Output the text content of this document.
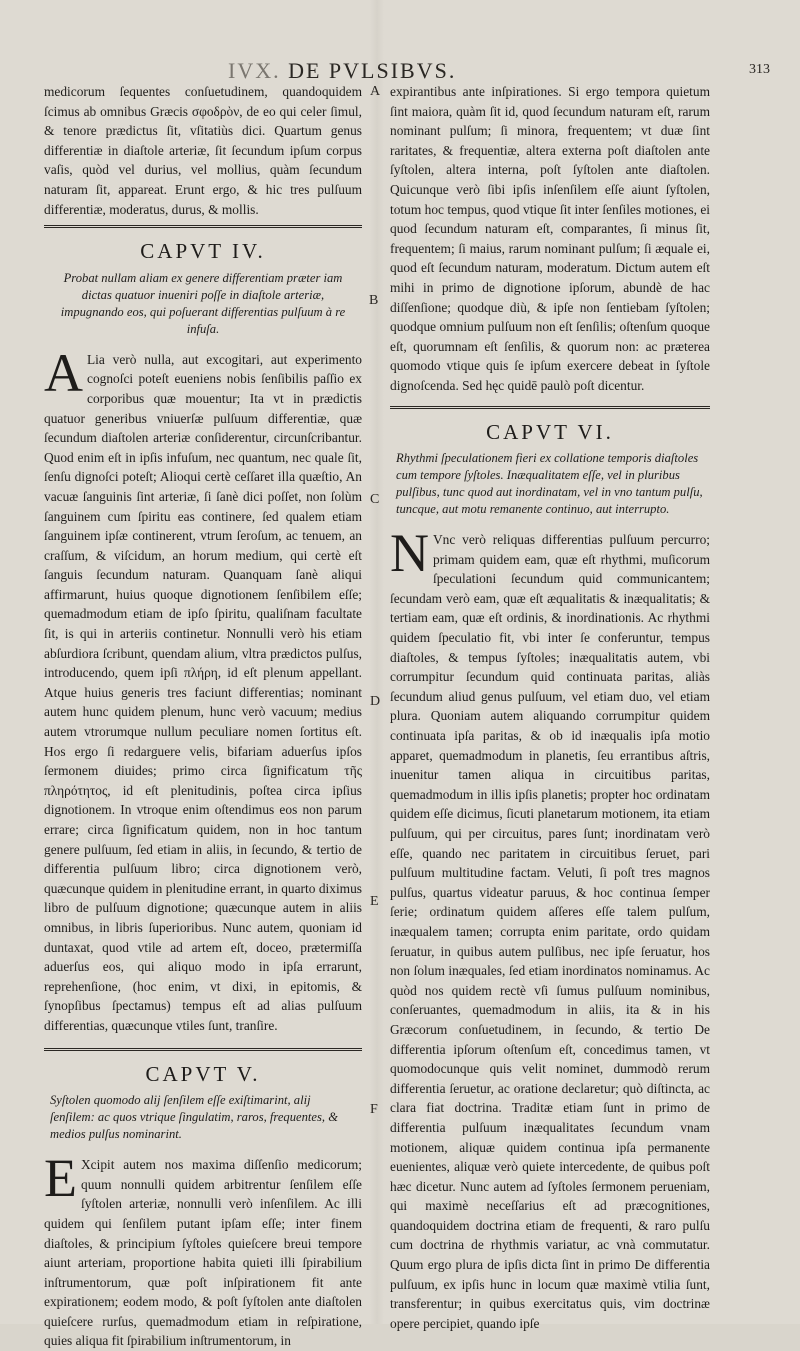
IVX. DE PVLSIBVS.	313
A
B
C
D
E
F

medicorum ſequentes conſuetudinem, quandoquidem ſcimus ab omnibus Græcis σφοδρὸν, de eo qui celer ſimul, & tenore prædictus ſit, vſitatiùs dici. Quartum genus differentiæ in diaſtole arteriæ, ſit ſecundum ipſum corpus vaſis, quòd vel durius, vel mollius, quàm ſecundum naturam ſit, appareat. Erunt ergo, & hic tres pulſuum differentiæ, moderatus, durus, & mollis.

CAPVT IV.
Probat nullam aliam ex genere differentiam præter iam dictas quatuor inueniri poſſe in diaſtole arteriæ, impugnando eos, qui poſuerant differentias pulſuum à re infuſa.

A Lia verò nulla, aut excogitari, aut experimento cognoſci poteſt eueniens nobis ſenſibilis paſſio ex corporibus quæ mouentur; Ita vt in prædictis quatuor generibus vniuerſæ pulſuum differentiæ, quæ ſecundum diaſtolen arteriæ conſiderentur, circunſcribantur. Quod enim eſt in ipſis infuſum, nec quantum, nec quale ſit, ſenſu dignoſci poteſt; Alioqui certè ceſſaret illa quæſtio, An vacuæ ſanguinis ſint arteriæ, ſi ſanè dici poſſet, non ſolùm ſanguinem cum ſpiritu eas continere, ſed qualem etiam ſanguinem ipſæ continerent, vtrum ſeroſum, ac tenuem, an craſſum, & viſcidum, an horum medium, qui certè eſt ſanguis ſecundum naturam. Quanquam ſanè aliqui affirmarunt, huius quoque dignotionem ſenſibilem eſſe; quemadmodum etiam de ipſo ſpiritu, qualiſnam facultate ſit, is qui in arteriis continetur. Nonnulli verò his etiam abſurdiora ſcribunt, quendam alium, vltra prædictos pulſus, introducendo, quem ipſi πλήρη, id eſt plenum appellant. Atque huius generis tres faciunt differentias; nominant autem hunc quidem plenum, hunc verò vacuum; medius autem vtrorumque nullum peculiare nomen ſortitus eſt. Hos ergo ſi redarguere velis, bifariam aduerſus ipſos ſermonem diuides; primo circa ſignificatum τῆς πληρότητος, id eſt plenitudinis, poſtea circa ipſius dignotionem. In vtroque enim oſtendimus eos non parum errare; circa ſignificatum quidem, non in hoc tantum genere pulſuum, ſed etiam in aliis, in ſecundo, & tertio de differentia pulſuum libro; circa dignotionem verò, quæcunque quidem in plenitudine errant, in quarto diximus libro de pulſuum dignotione; quæcunque autem in aliis omnibus, in libris ſuperioribus. Nunc autem, quoniam id duntaxat, quod vtile ad artem eſt, doceo, prætermiſſa aduerſus eos, qui aliquo modo in ipſa errarunt, reprehenſione, (hoc enim, vt dixi, in epitomis, & ſynopſibus ſpectamus) tempus eſt ad alias pulſuum differentias, quæcunque vtiles ſunt, tranſire.

CAPVT V.
Syſtolen quomodo alij ſenſilem eſſe exiſtimarint, alij ſenſilem: ac quos vtrique ſingulatim, raros, frequentes, & medios pulſus nominarint.

E Xcipit autem nos maxima diſſenſio medicorum; quum nonnulli quidem arbitrentur ſenſilem eſſe ſyſtolen arteriæ, nonnulli verò inſenſilem. Ac illi quidem qui ſenſilem putant ipſam eſſe; inter finem diaſtoles, & principium ſyſtoles quieſcere breui tempore aiunt arteriam, proportione habita quieti illi ſpirabilium inſtrumentorum, quæ poſt inſpirationem fit ante expirationem; eodem modo, & poſt ſyſtolen ante diaſtolen quieſcere rurſus, quemadmodum etiam in reſpiratione, quies aliqua fit ſpirabilium inſtrumentorum, in

expirantibus ante inſpirationes. Si ergo tempora quietum ſint maiora, quàm ſit id, quod ſecundum naturam eſt, rarum nominant pulſum; ſi minora, frequentem; vt duæ ſint raritates, & frequentiæ, altera externa poſt diaſtolen ante ſyſtolen, altera interna, poſt ſyſtolen ante diaſtolen. Quicunque verò ſibi ipſis inſenſilem eſſe aiunt ſyſtolen, totum hoc tempus, quod vtique ſit inter ſenſiles motiones, ei quod ſecundum naturam eſt, comparantes, ſi minus ſit, frequentem; ſi maius, rarum nominant pulſum; ſi æquale ei, quod eſt ſecundum naturam, moderatum. Dictum autem eſt mihi in primo de dignotione ipſorum, abundè de hac diſſenſione; quodque diù, & ipſe non ſentiebam ſyſtolen; quodque omnium pulſuum non eſt ſenſilis; oſtenſum quoque eſt, quorumnam eſt ſenſilis, & quorum non: ac præterea quomodo vtique quis ſe ipſum exercere debeat in ſyſtole dignoſcenda. Sed hęc quidē paulò poſt dicentur.

CAPVT VI.
Rhythmi ſpeculationem fieri ex collatione temporis diaſtoles cum tempore ſyſtoles. Inæqualitatem eſſe, vel in pluribus pulſibus, tunc quod aut inordinatam, vel in vno tantum pulſu, tuncque, aut motu remanente continuo, aut interrupto.

N Vnc verò reliquas differentias pulſuum percurro; primam quidem eam, quæ eſt rhythmi, muſicorum ſpeculationi ſecundum quid communicantem; ſecundam verò eam, quæ eſt æqualitatis & inæqualitatis; & tertiam eam, quæ eſt ordinis, & inordinationis. Ac rhythmi quidem ſpeculatio fit, vbi inter ſe conferuntur, tempus diaſtoles, & tempus ſyſtoles; inæqualitatis autem, vbi corrumpitur ſecundum quid continuata paritas, aliàs ſecundum aliud genus pulſuum, vel etiam duo, vel etiam plura. Quoniam autem aliquando corrumpitur quidem continuata ipſa paritas, & ob id inæqualis ipſa motio apparet, quemadmodum in planetis, ſeu errantibus aſtris, inuenitur tamen aliqua in circuitibus paritas, quemadmodum in illis ipſis planetis; propter hoc ordinatam quidem eſſe dicimus, ſicuti planetarum motionem, ita etiam pulſuum, qui per circuitus, pares ſunt; inordinatam verò eſſe, quando nec paritatem in circuitibus ſeruet, pari pulſuum multitudine factam. Veluti, ſi poſt tres magnos pulſus, quartus videatur paruus, & hoc continua ſemper ſerie; ordinatum quidem aſſeres eſſe talem pulſum, inæqualem tamen; corrupta enim paritate, ordo quidam ſeruatur, in quibus autem pulſibus, nec ipſe ſeruatur, hos non ſolum inæquales, ſed etiam inordinatos nominamus. Ac quòd nos quidem rectè vſi ſumus pulſuum nominibus, conſeruantes, quemadmodum in aliis, ita & in his Græcorum conſuetudinem, in ſecundo, & tertio De differentia ipſorum oſtenſum eſt, concedimus tamen, vt quomodocunque quis velit nominet, dummodò rerum differentia ſeruetur, ac oratione declaretur; quò diſtincta, ac clara fiat doctrina. Traditæ etiam ſunt in primo de differentia pulſuum inæqualitates ſecundum vnam motionem, aliquæ quidem continua ipſa permanente euenientes, aliquæ verò quiete intercedente, de quibus poſt hæc dicetur. Nunc autem ad ſyſtoles ſermonem perueniam, qui maximè neceſſarius eſt ad præcognitiones, quandoquidem doctrina etiam de frequenti, & raro pulſu cum doctrina de rhythmis variatur, ac vnà commutatur. Quum ergo plura de ipſis dicta ſint in primo De differentia pulſuum, ex ipſis hunc in locum quæ maximè vtilia ſunt, transferentur; in quibus exercitatus quis, vim doctrinæ opere percipiet, quando ipſe
